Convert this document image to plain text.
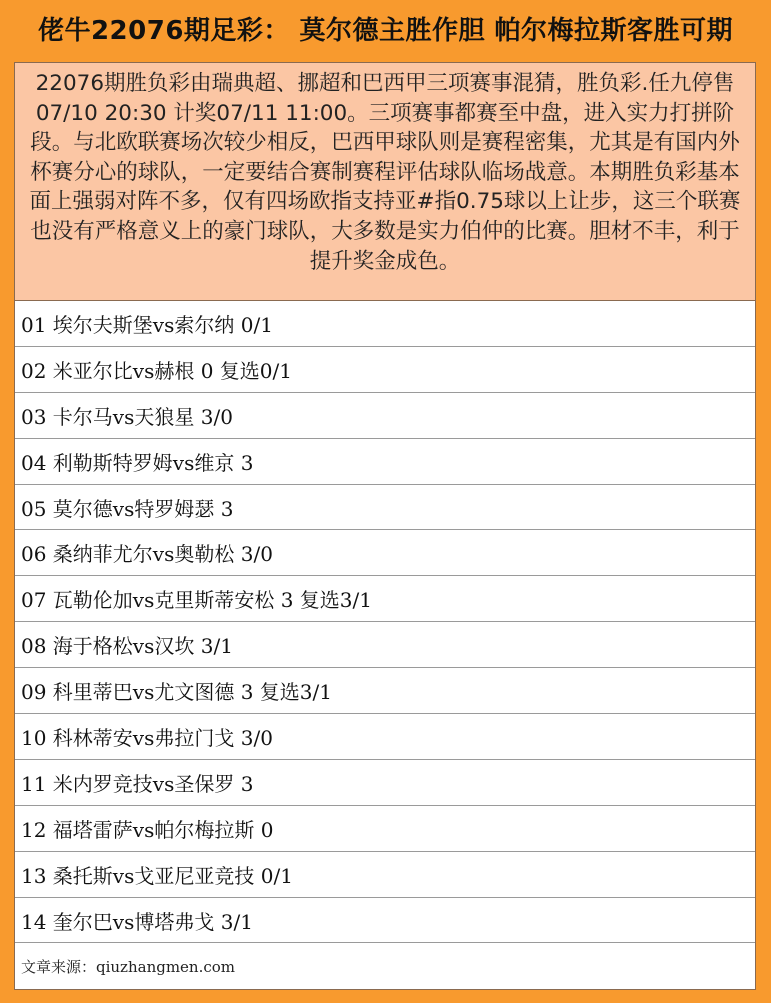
佬牛22076期足彩： 莫尔德主胜作胆 帕尔梅拉斯客胜可期
22076期胜负彩由瑞典超、挪超和巴西甲三项赛事混猜，胜负彩.任九停售07/10 20:30 计奖07/11 11:00。三项赛事都赛至中盘，进入实力打拼阶段。与北欧联赛场次较少相反，巴西甲球队则是赛程密集，尤其是有国内外杯赛分心的球队，一定要结合赛制赛程评估球队临场战意。本期胜负彩基本面上强弱对阵不多，仅有四场欧指支持亚#指0.75球以上让步，这三个联赛也没有严格意义上的豪门球队，大多数是实力伯仲的比赛。胆材不丰，利于提升奖金成色。
01 埃尔夫斯堡vs索尔纳 0/1
02 米亚尔比vs赫根 0 复选0/1
03 卡尔马vs天狼星 3/0
04 利勒斯特罗姆vs维京 3
05 莫尔德vs特罗姆瑟 3
06 桑纳菲尤尔vs奥勒松 3/0
07 瓦勒伦加vs克里斯蒂安松 3 复选3/1
08 海于格松vs汉坎 3/1
09 科里蒂巴vs尤文图德 3 复选3/1
10 科林蒂安vs弗拉门戈 3/0
11 米内罗竞技vs圣保罗 3
12 福塔雷萨vs帕尔梅拉斯 0
13 桑托斯vs戈亚尼亚竞技 0/1
14 奎尔巴vs博塔弗戈 3/1
文章来源：qiuzhangmen.com
